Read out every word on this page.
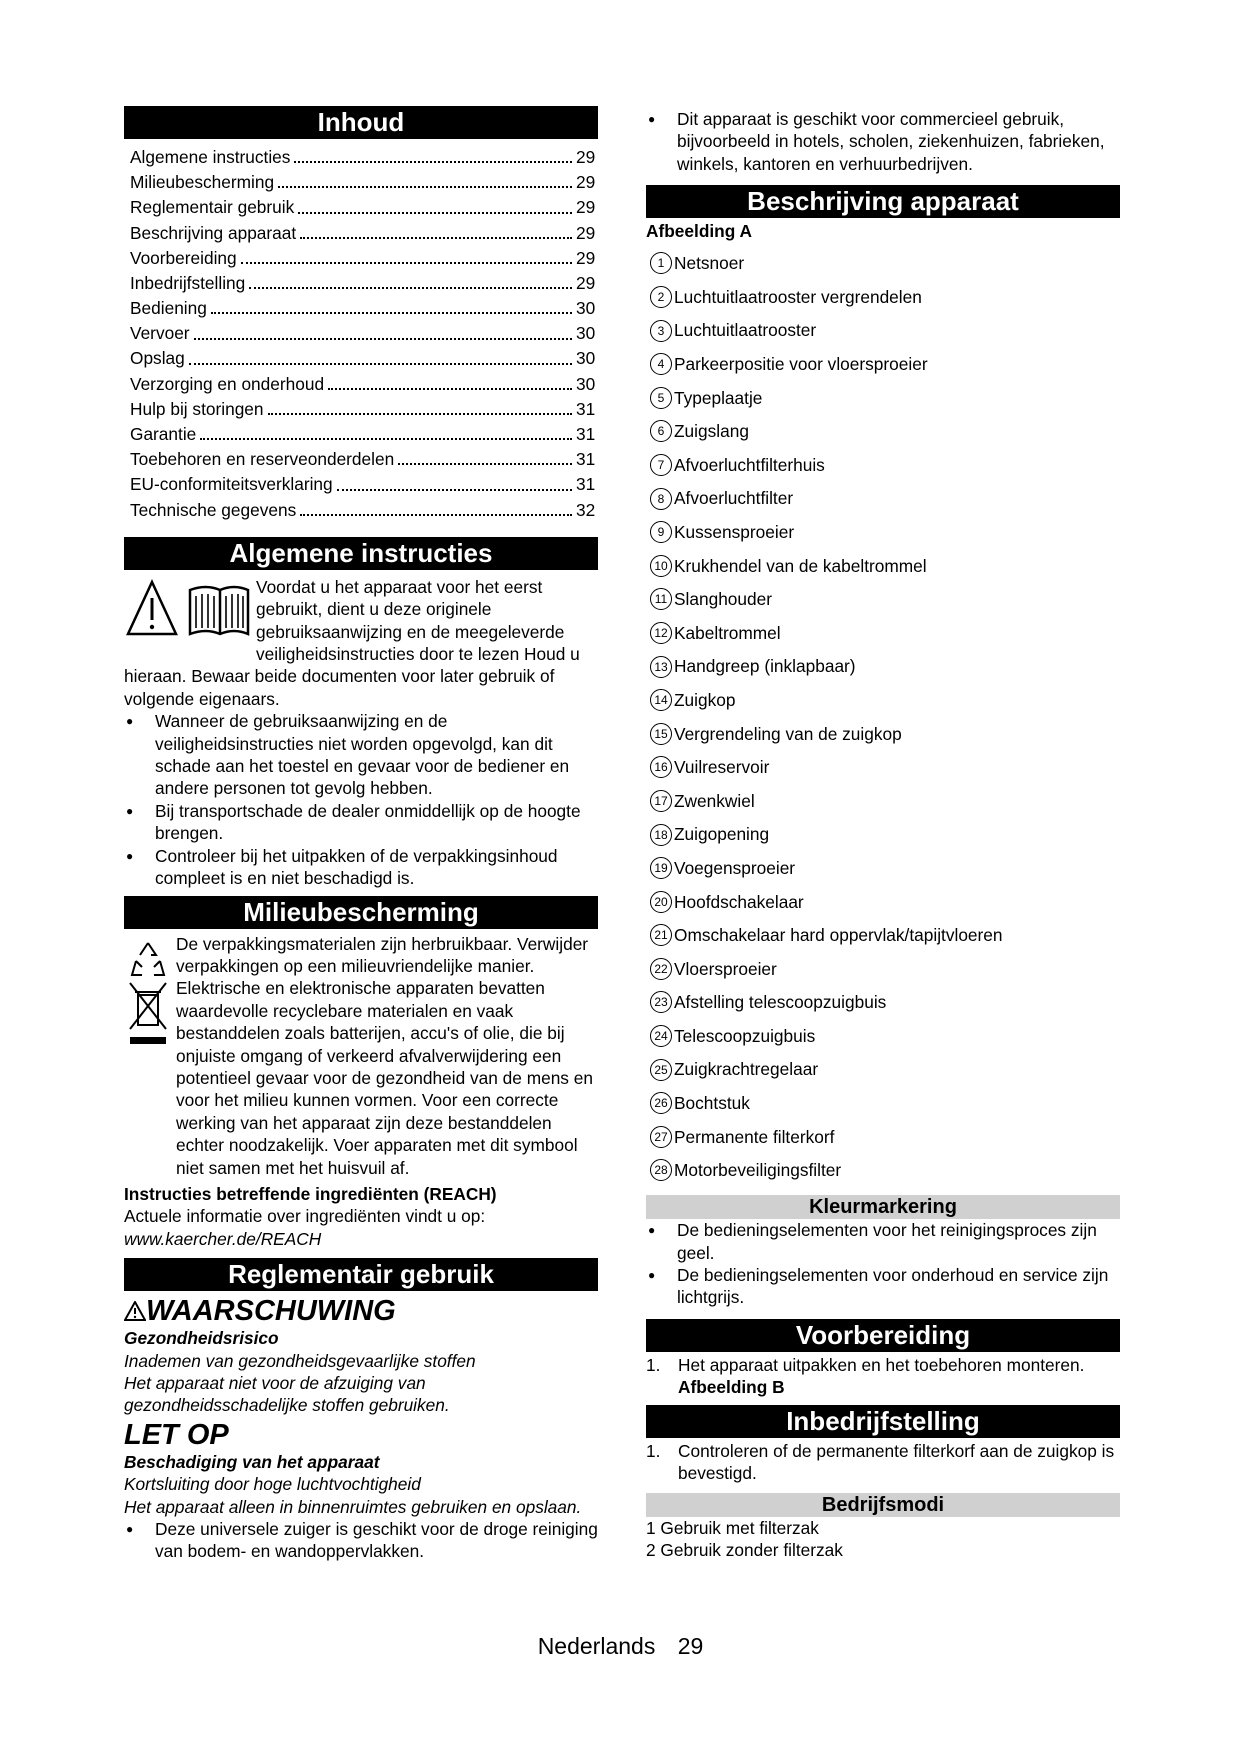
Inhoud
Algemene instructies	29
Milieubescherming	29
Reglementair gebruik	29
Beschrijving apparaat	29
Voorbereiding	29
Inbedrijfstelling	29
Bediening	30
Vervoer	30
Opslag	30
Verzorging en onderhoud	30
Hulp bij storingen	31
Garantie	31
Toebehoren en reserveonderdelen	31
EU-conformiteitsverklaring	31
Technische gegevens	32
Algemene instructies

Voordat u het apparaat voor het eerst gebruikt, dient u deze originele gebruiksaanwijzing en de meegeleverde veiligheidsinstructies door te lezen Houd u hieraan. Bewaar beide documenten voor later gebruik of volgende eigenaars.

● Wanneer de gebruiksaanwijzing en de veiligheidsinstructies niet worden opgevolgd, kan dit schade aan het toestel en gevaar voor de bediener en andere personen tot gevolg hebben.
● Bij transportschade de dealer onmiddellijk op de hoogte brengen.
● Controleer bij het uitpakken of de verpakkingsinhoud compleet is en niet beschadigd is.
Milieubescherming

De verpakkingsmaterialen zijn herbruikbaar. Verwijder verpakkingen op een milieuvriendelijke manier.

Elektrische en elektronische apparaten bevatten waardevolle recyclebare materialen en vaak bestanddelen zoals batterijen, accu's of olie, die bij onjuiste omgang of verkeerd afvalverwijdering een potentieel gevaar voor de gezondheid van de mens en voor het milieu kunnen vormen. Voor een correcte werking van het apparaat zijn deze bestanddelen echter noodzakelijk. Voer apparaten met dit symbool niet samen met het huisvuil af.

Instructies betreffende ingrediënten (REACH)

Actuele informatie over ingrediënten vindt u op:

www.kaercher.de/REACH

Reglementair gebruik
WAARSCHUWING

Gezondheidsrisico

Inademen van gezondheidsgevaarlijke stoffen

Het apparaat niet voor de afzuiging van gezondheidsschadelijke stoffen gebruiken.

LET OP

Beschadiging van het apparaat

Kortsluiting door hoge luchtvochtigheid

Het apparaat alleen in binnenruimtes gebruiken en opslaan.

● Deze universele zuiger is geschikt voor de droge reiniging van bodem- en wandoppervlakken.
● Dit apparaat is geschikt voor commercieel gebruik, bijvoorbeeld in hotels, scholen, ziekenhuizen, fabrieken, winkels, kantoren en verhuurbedrijven.
Beschrijving apparaat

Afbeelding A

1 Netsnoer
2 Luchtuitlaatrooster vergrendelen
3 Luchtuitlaatrooster
4 Parkeerpositie voor vloersproeier
5 Typeplaatje
6 Zuigslang
7 Afvoerluchtfilterhuis
8 Afvoerluchtfilter
9 Kussensproeier
10 Krukhendel van de kabeltrommel
11 Slanghouder
12 Kabeltrommel
13 Handgreep (inklapbaar)
14 Zuigkop
15 Vergrendeling van de zuigkop
16 Vuilreservoir
17 Zwenkwiel
18 Zuigopening
19 Voegensproeier
20 Hoofdschakelaar
21 Omschakelaar hard oppervlak/tapijtvloeren
22 Vloersproeier
23 Afstelling telescoopzuigbuis
24 Telescoopzuigbuis
25 Zuigkrachtregelaar
26 Bochtstuk
27 Permanente filterkorf
28 Motorbeveiligingsfilter
Kleurmarkering
● De bedieningselementen voor het reinigingsproces zijn geel.
● De bedieningselementen voor onderhoud en service zijn lichtgrijs.
Voorbereiding
1. Het apparaat uitpakken en het toebehoren monteren.

Afbeelding B

Inbedrijfstelling
1. Controleren of de permanente filterkorf aan de zuigkop is bevestigd.
Bedrijfsmodi

1 Gebruik met filterzak

2 Gebruik zonder filterzak

Nederlands 29
